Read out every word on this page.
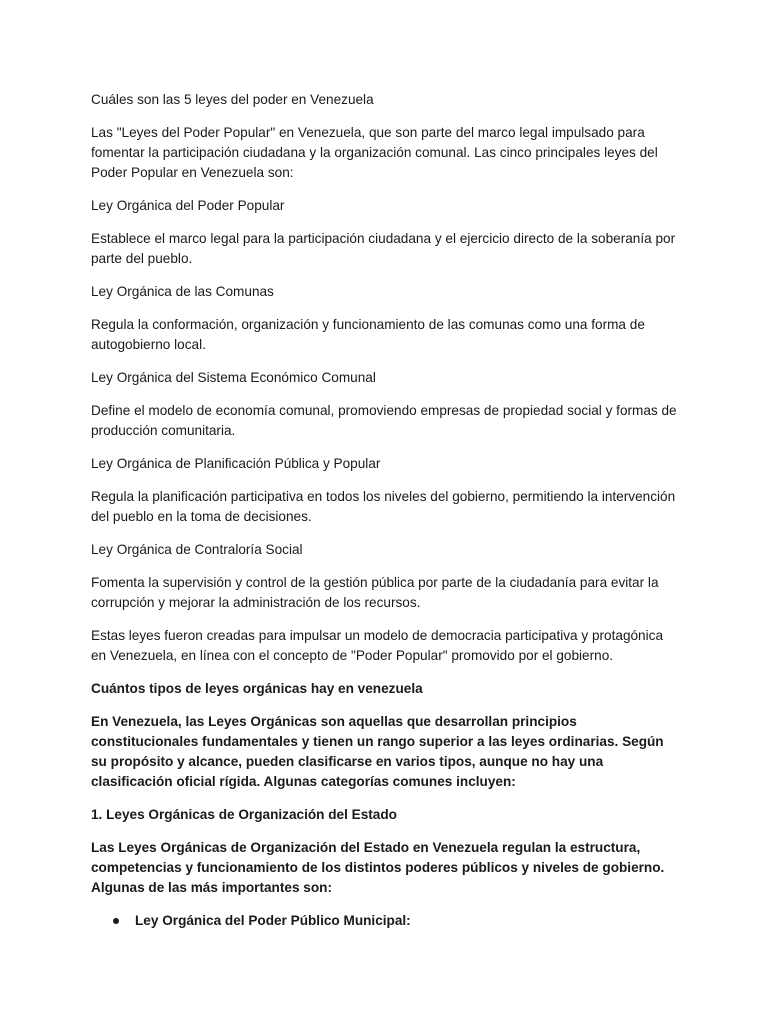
Cuáles son las 5 leyes del poder en Venezuela

Las "Leyes del Poder Popular" en Venezuela, que son parte del marco legal impulsado para fomentar la participación ciudadana y la organización comunal. Las cinco principales leyes del Poder Popular en Venezuela son:

Ley Orgánica del Poder Popular

Establece el marco legal para la participación ciudadana y el ejercicio directo de la soberanía por parte del pueblo.

Ley Orgánica de las Comunas

Regula la conformación, organización y funcionamiento de las comunas como una forma de autogobierno local.

Ley Orgánica del Sistema Económico Comunal

Define el modelo de economía comunal, promoviendo empresas de propiedad social y formas de producción comunitaria.

Ley Orgánica de Planificación Pública y Popular

Regula la planificación participativa en todos los niveles del gobierno, permitiendo la intervención del pueblo en la toma de decisiones.

Ley Orgánica de Contraloría Social

Fomenta la supervisión y control de la gestión pública por parte de la ciudadanía para evitar la corrupción y mejorar la administración de los recursos.

Estas leyes fueron creadas para impulsar un modelo de democracia participativa y protagónica en Venezuela, en línea con el concepto de "Poder Popular" promovido por el gobierno.

Cuántos tipos de leyes orgánicas hay en venezuela

En Venezuela, las Leyes Orgánicas son aquellas que desarrollan principios constitucionales fundamentales y tienen un rango superior a las leyes ordinarias. Según su propósito y alcance, pueden clasificarse en varios tipos, aunque no hay una clasificación oficial rígida. Algunas categorías comunes incluyen:

1. Leyes Orgánicas de Organización del Estado

Las Leyes Orgánicas de Organización del Estado en Venezuela regulan la estructura, competencias y funcionamiento de los distintos poderes públicos y niveles de gobierno. Algunas de las más importantes son:

Ley Orgánica del Poder Público Municipal:
